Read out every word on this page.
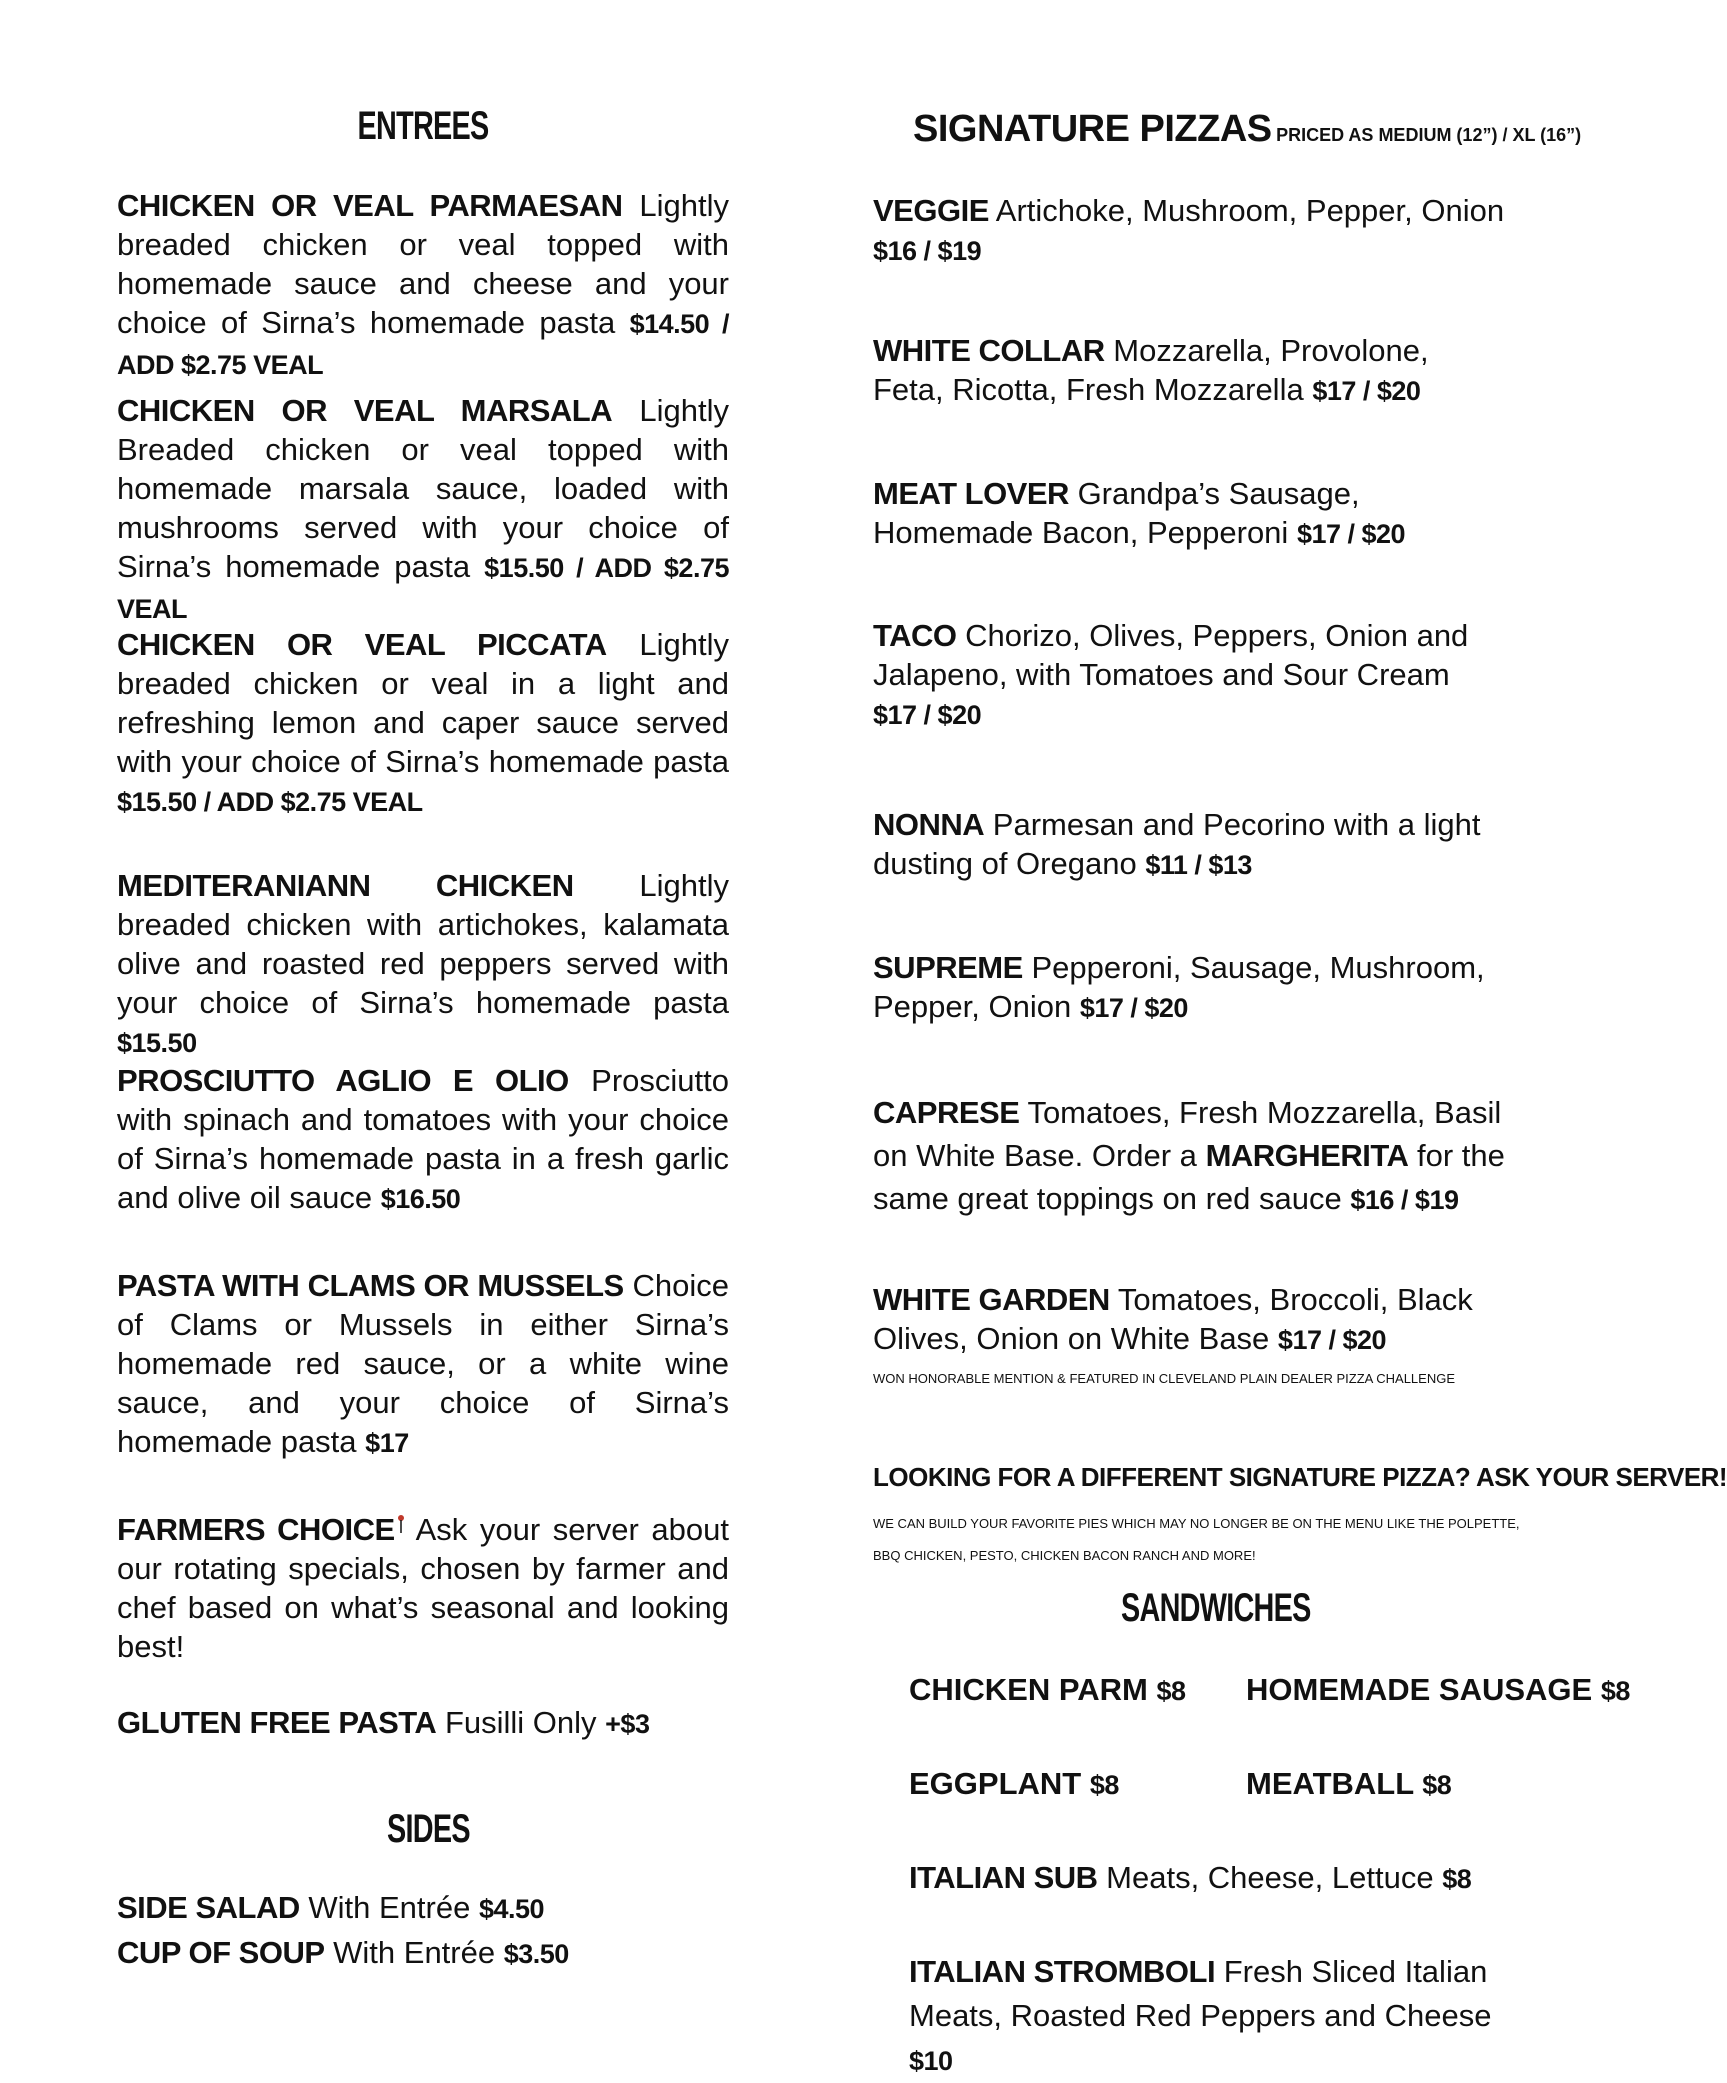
ENTREES
CHICKEN OR VEAL PARMAESAN Lightly breaded chicken or veal topped with homemade sauce and cheese and your choice of Sirna’s homemade pasta $14.50 / ADD $2.75 VEAL
CHICKEN OR VEAL MARSALA Lightly Breaded chicken or veal topped with homemade marsala sauce, loaded with mushrooms served with your choice of Sirna’s homemade pasta $15.50 / ADD $2.75 VEAL
CHICKEN OR VEAL PICCATA Lightly breaded chicken or veal in a light and refreshing lemon and caper sauce served with your choice of Sirna’s homemade pasta $15.50 / ADD $2.75 VEAL
MEDITERANIANN CHICKEN Lightly breaded chicken with artichokes, kalamata olive and roasted red peppers served with your choice of Sirna’s homemade pasta $15.50
PROSCIUTTO AGLIO E OLIO Prosciutto with spinach and tomatoes with your choice of Sirna’s homemade pasta in a fresh garlic and olive oil sauce $16.50
PASTA WITH CLAMS OR MUSSELS Choice of Clams or Mussels in either Sirna’s homemade red sauce, or a white wine sauce, and your choice of Sirna’s homemade pasta $17
FARMERS CHOICE Ask your server about our rotating specials, chosen by farmer and chef based on what’s seasonal and looking best!
GLUTEN FREE PASTA Fusilli Only +$3
SIDES
SIDE SALAD With Entrée $4.50
CUP OF SOUP With Entrée $3.50
SIGNATURE PIZZAS PRICED AS MEDIUM (12”) / XL (16”)
VEGGIE Artichoke, Mushroom, Pepper, Onion
$16 / $19
WHITE COLLAR Mozzarella, Provolone, Feta, Ricotta, Fresh Mozzarella $17 / $20
MEAT LOVER Grandpa’s Sausage, Homemade Bacon, Pepperoni $17 / $20
TACO Chorizo, Olives, Peppers, Onion and Jalapeno, with Tomatoes and Sour Cream
$17 / $20
NONNA Parmesan and Pecorino with a light dusting of Oregano $11 / $13
SUPREME Pepperoni, Sausage, Mushroom, Pepper, Onion $17 / $20
CAPRESE Tomatoes, Fresh Mozzarella, Basil on White Base. Order a MARGHERITA for the same great toppings on red sauce $16 / $19
WHITE GARDEN Tomatoes, Broccoli, Black Olives, Onion on White Base $17 / $20
WON HONORABLE MENTION & FEATURED IN CLEVELAND PLAIN DEALER PIZZA CHALLENGE
LOOKING FOR A DIFFERENT SIGNATURE PIZZA? ASK YOUR SERVER!
WE CAN BUILD YOUR FAVORITE PIES WHICH MAY NO LONGER BE ON THE MENU LIKE THE POLPETTE, BBQ CHICKEN, PESTO, CHICKEN BACON RANCH AND MORE!
SANDWICHES
CHICKEN PARM $8 HOMEMADE SAUSAGE $8
EGGPLANT $8	MEATBALL $8
ITALIAN SUB Meats, Cheese, Lettuce $8
ITALIAN STROMBOLI Fresh Sliced Italian Meats, Roasted Red Peppers and Cheese $10
